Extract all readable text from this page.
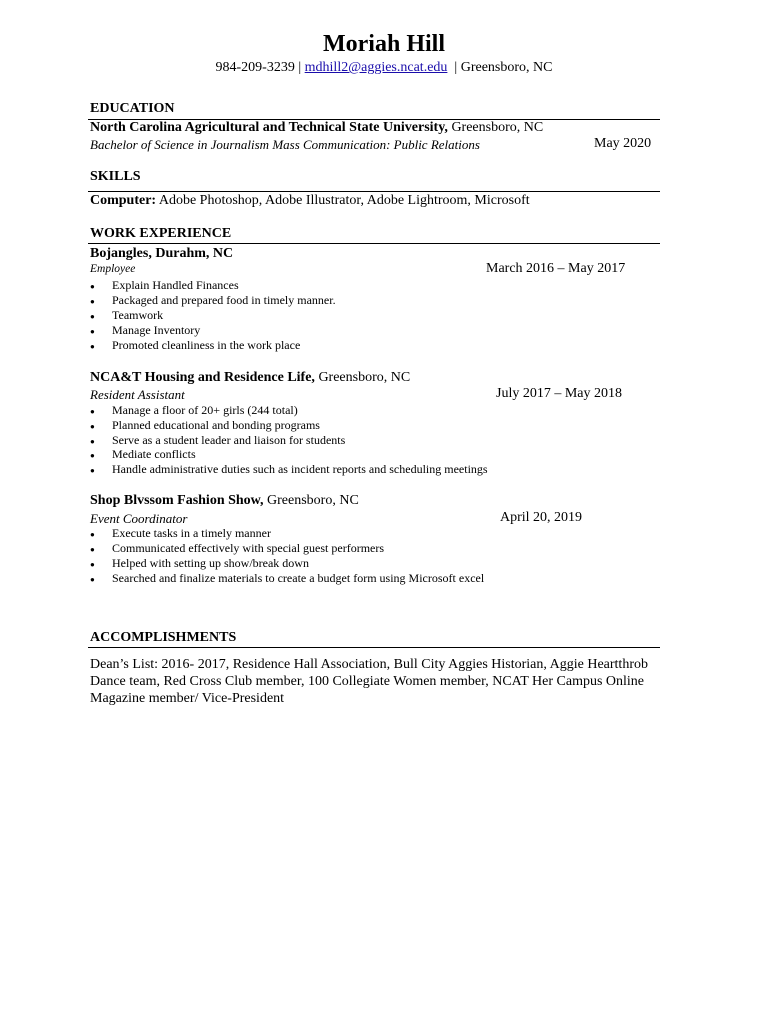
Moriah Hill
984-209-3239 | mdhill2@aggies.ncat.edu | Greensboro, NC
EDUCATION
North Carolina Agricultural and Technical State University, Greensboro, NC
Bachelor of Science in Journalism Mass Communication: Public Relations	May 2020
SKILLS
Computer: Adobe Photoshop, Adobe Illustrator, Adobe Lightroom, Microsoft
WORK EXPERIENCE
Bojangles, Durahm, NC
Employee	March 2016 – May 2017
● Explain Handled Finances
● Packaged and prepared food in timely manner.
● Teamwork
● Manage Inventory
● Promoted cleanliness in the work place
NCA&T Housing and Residence Life, Greensboro, NC
Resident Assistant	July 2017 – May 2018
● Manage a floor of 20+ girls (244 total)
● Planned educational and bonding programs
● Serve as a student leader and liaison for students
● Mediate conflicts
● Handle administrative duties such as incident reports and scheduling meetings
Shop Blvssom Fashion Show, Greensboro, NC
Event Coordinator	April 20, 2019
● Execute tasks in a timely manner
● Communicated effectively with special guest performers
● Helped with setting up show/break down
● Searched and finalize materials to create a budget form using Microsoft excel
ACCOMPLISHMENTS
Dean’s List: 2016- 2017, Residence Hall Association, Bull City Aggies Historian, Aggie Heartthrob Dance team, Red Cross Club member, 100 Collegiate Women member, NCAT Her Campus Online Magazine member/ Vice-President
